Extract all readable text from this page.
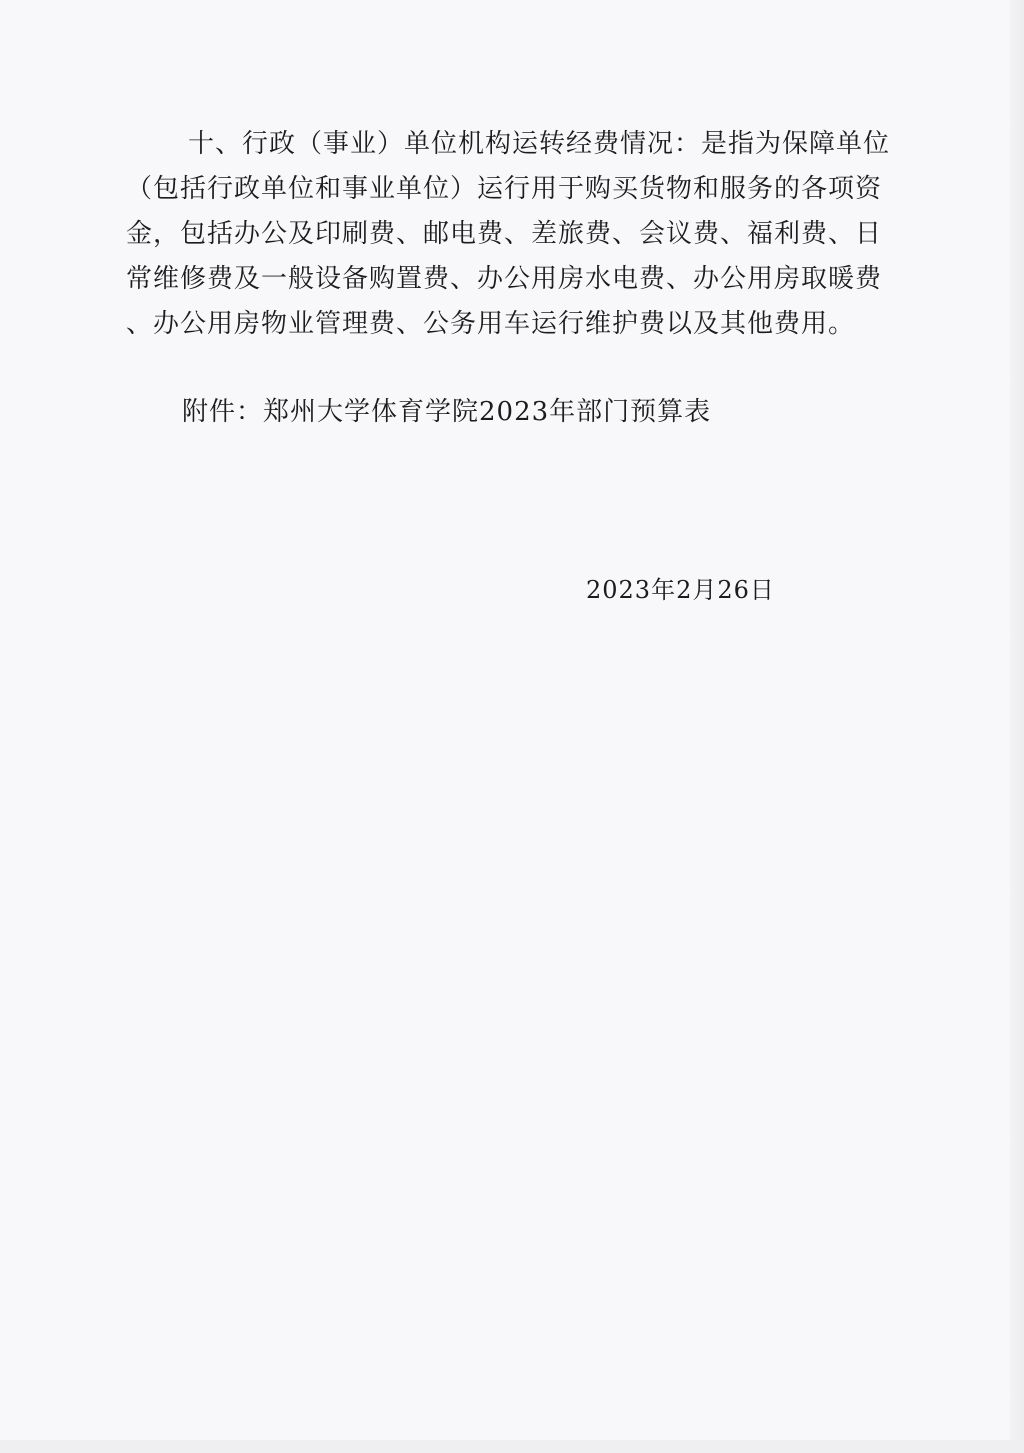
十、行政（事业）单位机构运转经费情况：是指为保障单位
（包括行政单位和事业单位）运行用于购买货物和服务的各项资
金，包括办公及印刷费、邮电费、差旅费、会议费、福利费、日
常维修费及一般设备购置费、办公用房水电费、办公用房取暖费
、办公用房物业管理费、公务用车运行维护费以及其他费用。

附件：郑州大学体育学院2023年部门预算表

2023年2月26日
